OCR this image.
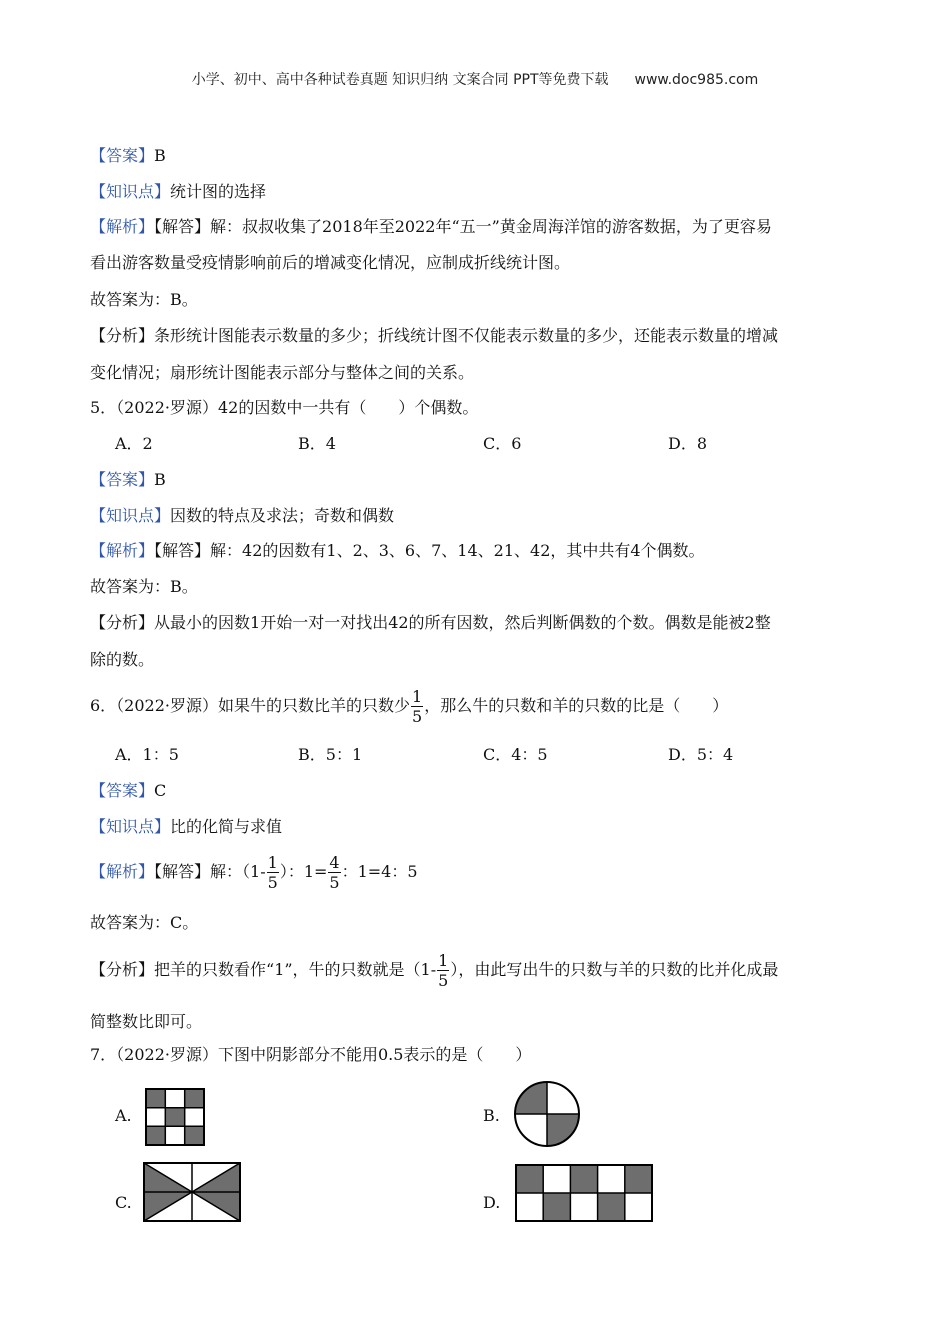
小学、初中、高中各种试卷真题 知识归纳 文案合同 PPT等免费下载 www.doc985.com
【答案】B
【知识点】统计图的选择
【解析】【解答】解：叔叔收集了2018年至2022年“五一”黄金周海洋馆的游客数据，为了更容易
看出游客数量受疫情影响前后的增减变化情况，应制成折线统计图。
故答案为：B。
【分析】条形统计图能表示数量的多少；折线统计图不仅能表示数量的多少，还能表示数量的增减
变化情况；扇形统计图能表示部分与整体之间的关系。
5．（2022·罗源）42的因数中一共有（　　）个偶数。
A．2	B．4	C．6	D．8
【答案】B
【知识点】因数的特点及求法；奇数和偶数
【解析】【解答】解：42的因数有1、2、3、6、7、14、21、42，其中共有4个偶数。
故答案为：B。
【分析】从最小的因数1开始一对一对找出42的所有因数，然后判断偶数的个数。偶数是能被2整
除的数。
6．（2022·罗源）如果牛的只数比羊的只数少 $\frac{1}{5}$ ，那么牛的只数和羊的只数的比是（　　）
A．1：5	B．5：1	C．4：5	D．5：4
【答案】C
【知识点】比的化简与求值
【解析】【解答】解：（$1- \frac{1}{5}$ ）：$1= \frac{4}{5}$ ：1=4：5
故答案为：C。
【分析】把羊的只数看作“1”，牛的只数就是（$1- \frac{1}{5}$ ），由此写出牛的只数与羊的只数的比并化成最
简整数比即可。
7．（2022·罗源）下图中阴影部分不能用0.5表示的是（　　）
A.	B.
C.	D.
